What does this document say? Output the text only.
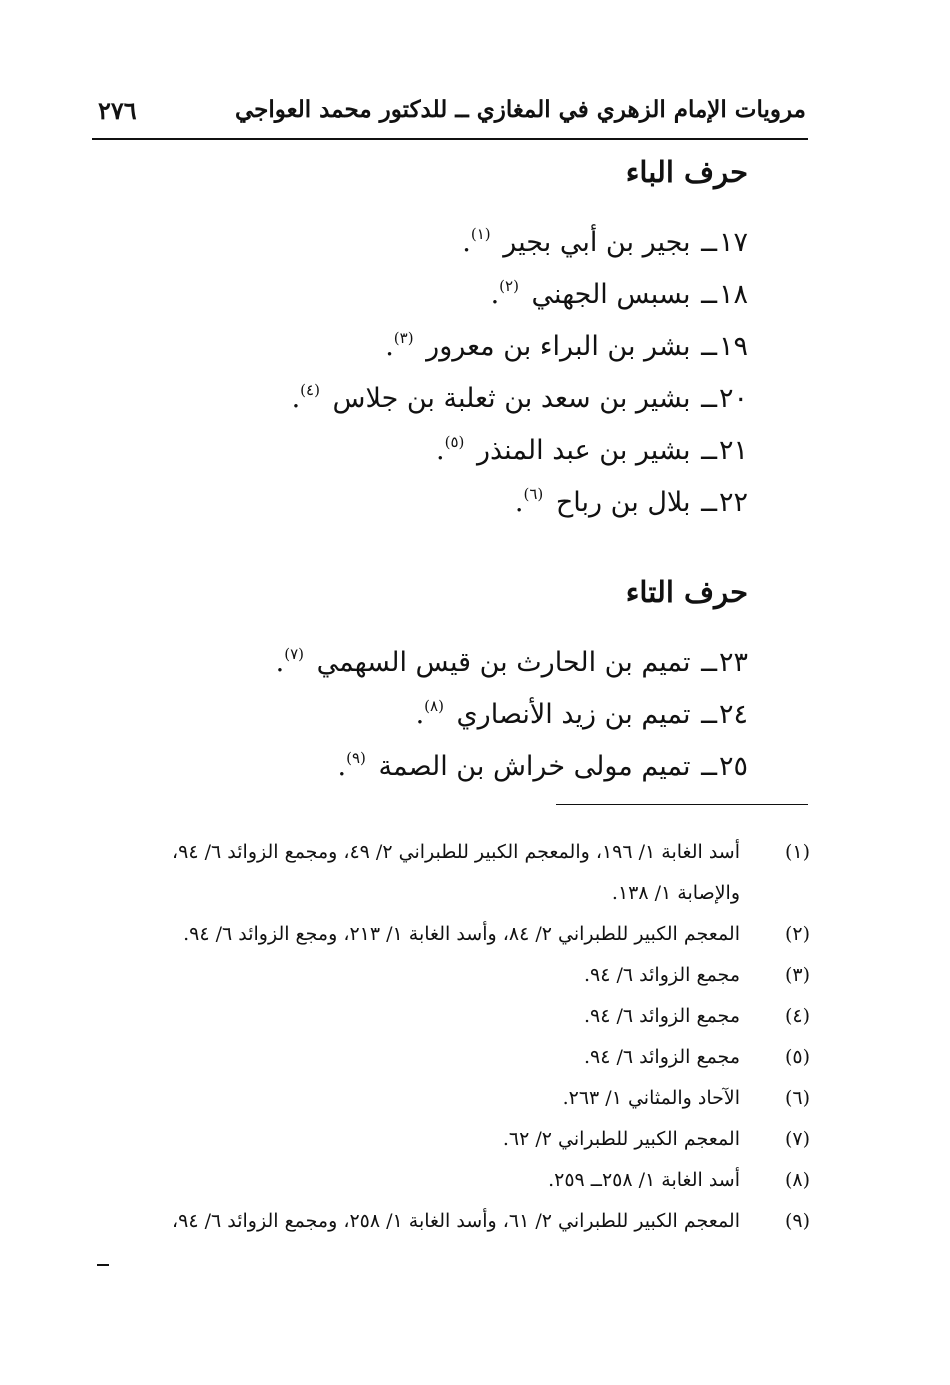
٢٧٦	مرويات الإمام الزهري في المغازي ــ للدكتور محمد العواجي
حرف الباء
١٧ــ بجير بن أبي بجير $^{(١)}$.
١٨ــ بسبس الجهني $^{(٢)}$.
١٩ــ بشر بن البراء بن معرور $^{(٣)}$.
٢٠ــ بشير بن سعد بن ثعلبة بن جلاس $^{(٤)}$.
٢١ــ بشير بن عبد المنذر $^{(٥)}$.
٢٢ــ بلال بن رباح $^{(٦)}$.
حرف التاء
٢٣ــ تميم بن الحارث بن قيس السهمي $^{(٧)}$.
٢٤ــ تميم بن زيد الأنصاري $^{(٨)}$.
٢٥ــ تميم مولى خراش بن الصمة $^{(٩)}$.
(١)
أسد الغابة ١/ ١٩٦، والمعجم الكبير للطبراني ٢/ ٤٩، ومجمع الزوائد ٦/ ٩٤،
والإصابة ١/ ١٣٨.
(٢)
المعجم الكبير للطبراني ٢/ ٨٤، وأسد الغابة ١/ ٢١٣، ومجع الزوائد ٦/ ٩٤.
(٣)
مجمع الزوائد ٦/ ٩٤.
(٤)
مجمع الزوائد ٦/ ٩٤.
(٥)
مجمع الزوائد ٦/ ٩٤.
(٦)
الآحاد والمثاني ١/ ٢٦٣.
(٧)
المعجم الكبير للطبراني ٢/ ٦٢.
(٨)
أسد الغابة ١/ ٢٥٨ــ ٢٥٩.
(٩)
المعجم الكبير للطبراني ٢/ ٦١، وأسد الغابة ١/ ٢٥٨، ومجمع الزوائد ٦/ ٩٤،
